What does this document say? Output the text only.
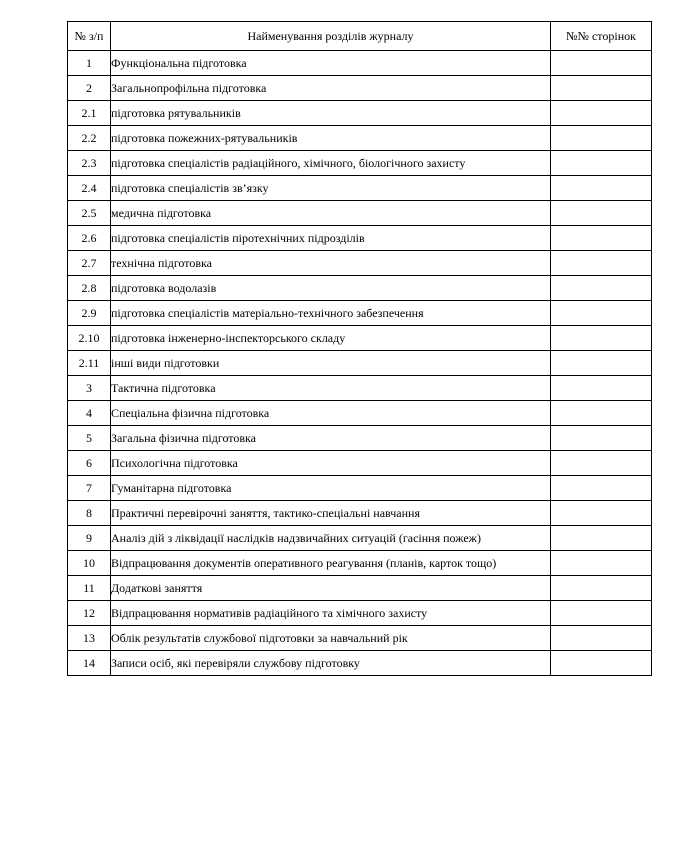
№ з/п	Найменування розділів журналу	№№ сторінок
1	Функціональна підготовка	
2	Загальнопрофільна підготовка	
2.1	підготовка рятувальників	
2.2	підготовка пожежних-рятувальників	
2.3	підготовка спеціалістів радіаційного, хімічного, біологічного захисту	
2.4	підготовка спеціалістів зв’язку	
2.5	медична підготовка	
2.6	підготовка спеціалістів піротехнічних підрозділів	
2.7	технічна підготовка	
2.8	підготовка водолазів	
2.9	підготовка спеціалістів матеріально-технічного забезпечення	
2.10	підготовка інженерно-інспекторського складу	
2.11	інші види підготовки	
3	Тактична підготовка	
4	Спеціальна фізична підготовка	
5	Загальна фізична підготовка	
6	Психологічна підготовка	
7	Гуманітарна підготовка	
8	Практичні перевірочні заняття, тактико-спеціальні навчання	
9	Аналіз дій з ліквідації наслідків надзвичайних ситуацій (гасіння пожеж)	
10	Відпрацювання документів оперативного реагування (планів, карток тощо)	
11	Додаткові заняття	
12	Відпрацювання нормативів радіаційного та хімічного захисту	
13	Облік результатів службової підготовки за навчальний рік	
14	Записи осіб, які перевіряли службову підготовку	
